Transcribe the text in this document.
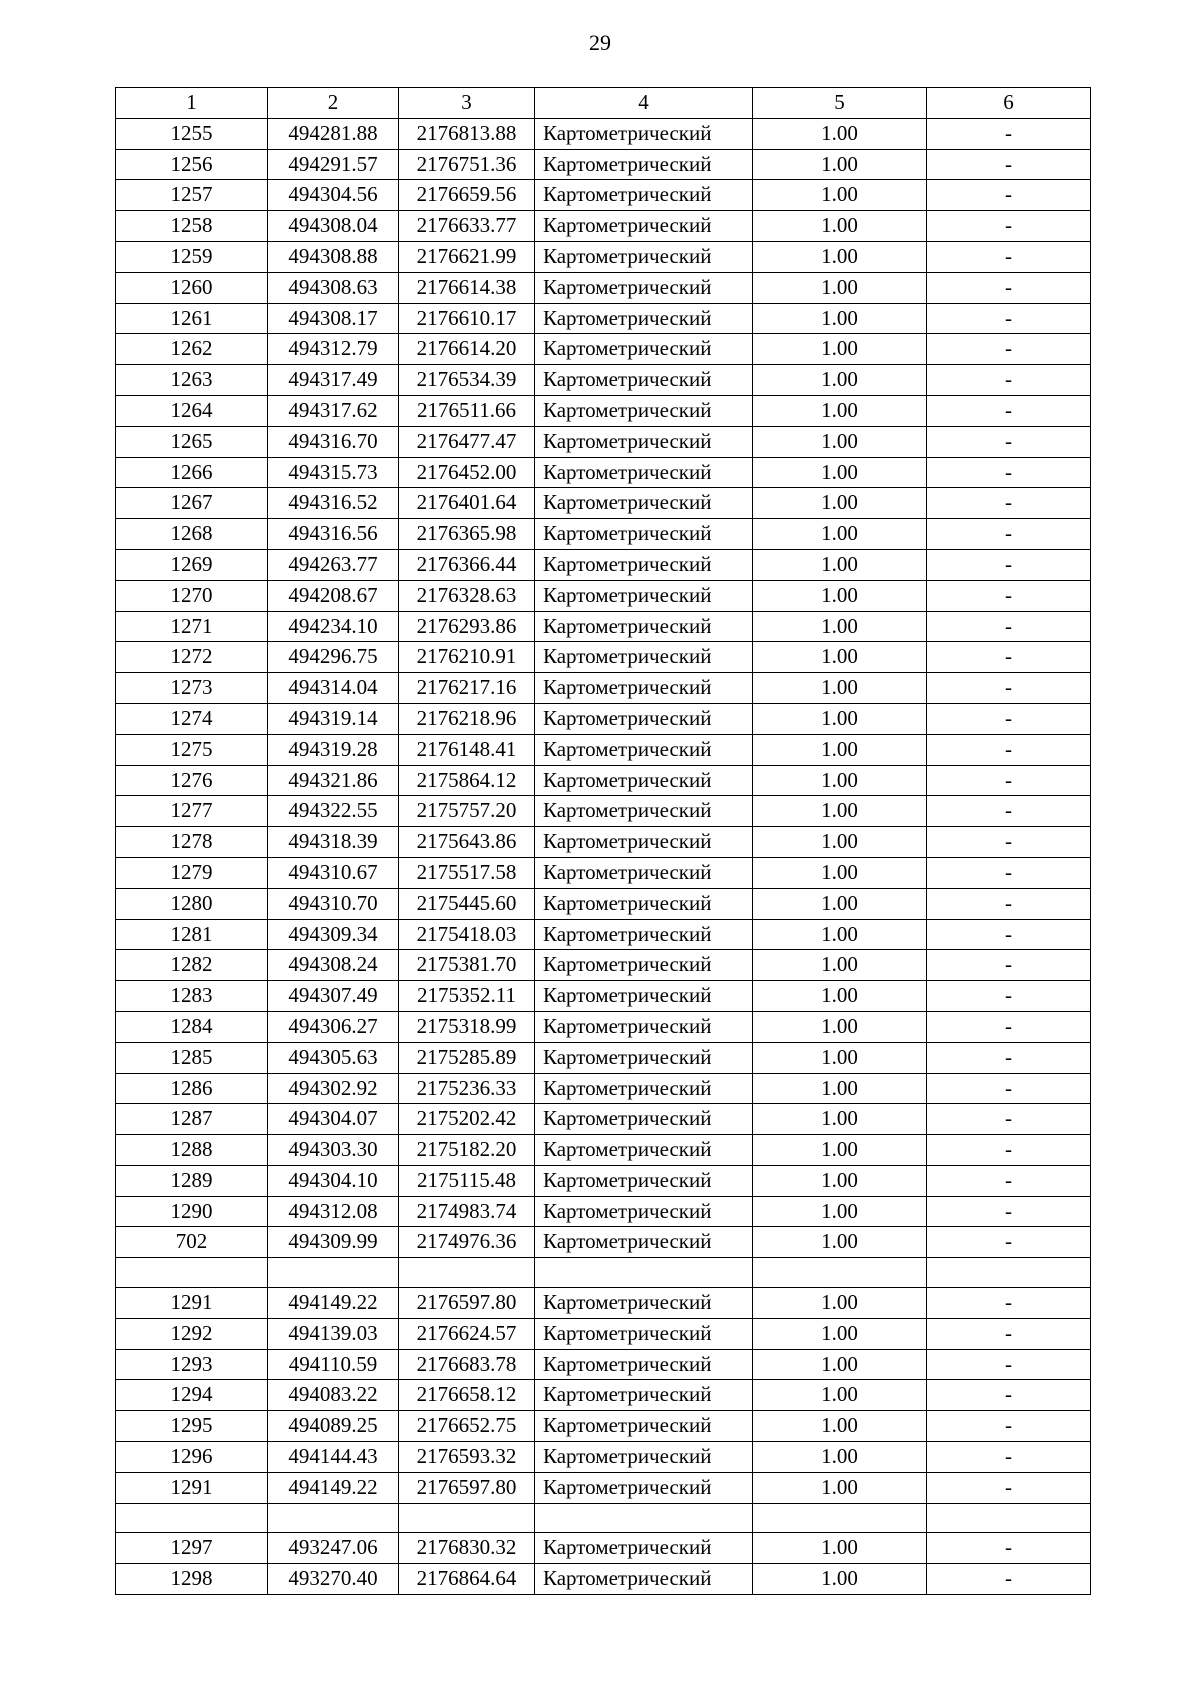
29
1	2	3	4	5	6
1255	494281.88	2176813.88	Картометрический	1.00	-
1256	494291.57	2176751.36	Картометрический	1.00	-
1257	494304.56	2176659.56	Картометрический	1.00	-
1258	494308.04	2176633.77	Картометрический	1.00	-
1259	494308.88	2176621.99	Картометрический	1.00	-
1260	494308.63	2176614.38	Картометрический	1.00	-
1261	494308.17	2176610.17	Картометрический	1.00	-
1262	494312.79	2176614.20	Картометрический	1.00	-
1263	494317.49	2176534.39	Картометрический	1.00	-
1264	494317.62	2176511.66	Картометрический	1.00	-
1265	494316.70	2176477.47	Картометрический	1.00	-
1266	494315.73	2176452.00	Картометрический	1.00	-
1267	494316.52	2176401.64	Картометрический	1.00	-
1268	494316.56	2176365.98	Картометрический	1.00	-
1269	494263.77	2176366.44	Картометрический	1.00	-
1270	494208.67	2176328.63	Картометрический	1.00	-
1271	494234.10	2176293.86	Картометрический	1.00	-
1272	494296.75	2176210.91	Картометрический	1.00	-
1273	494314.04	2176217.16	Картометрический	1.00	-
1274	494319.14	2176218.96	Картометрический	1.00	-
1275	494319.28	2176148.41	Картометрический	1.00	-
1276	494321.86	2175864.12	Картометрический	1.00	-
1277	494322.55	2175757.20	Картометрический	1.00	-
1278	494318.39	2175643.86	Картометрический	1.00	-
1279	494310.67	2175517.58	Картометрический	1.00	-
1280	494310.70	2175445.60	Картометрический	1.00	-
1281	494309.34	2175418.03	Картометрический	1.00	-
1282	494308.24	2175381.70	Картометрический	1.00	-
1283	494307.49	2175352.11	Картометрический	1.00	-
1284	494306.27	2175318.99	Картометрический	1.00	-
1285	494305.63	2175285.89	Картометрический	1.00	-
1286	494302.92	2175236.33	Картометрический	1.00	-
1287	494304.07	2175202.42	Картометрический	1.00	-
1288	494303.30	2175182.20	Картометрический	1.00	-
1289	494304.10	2175115.48	Картометрический	1.00	-
1290	494312.08	2174983.74	Картометрический	1.00	-
702	494309.99	2174976.36	Картометрический	1.00	-

1291	494149.22	2176597.80	Картометрический	1.00	-
1292	494139.03	2176624.57	Картометрический	1.00	-
1293	494110.59	2176683.78	Картометрический	1.00	-
1294	494083.22	2176658.12	Картометрический	1.00	-
1295	494089.25	2176652.75	Картометрический	1.00	-
1296	494144.43	2176593.32	Картометрический	1.00	-
1291	494149.22	2176597.80	Картометрический	1.00	-

1297	493247.06	2176830.32	Картометрический	1.00	-
1298	493270.40	2176864.64	Картометрический	1.00	-
